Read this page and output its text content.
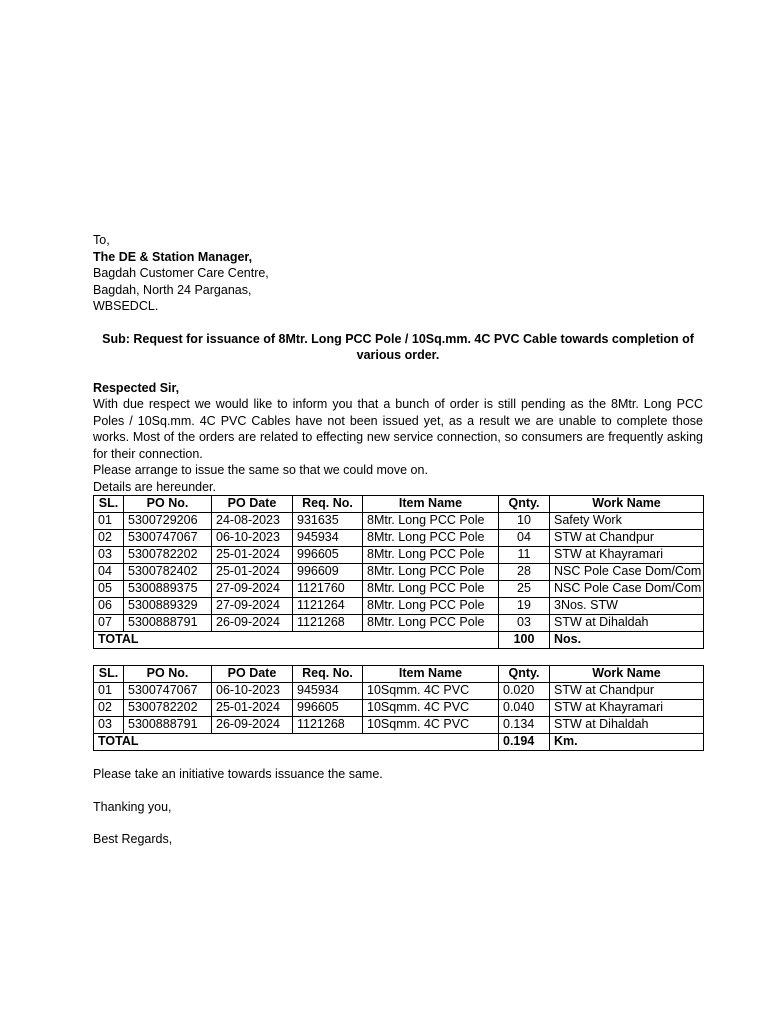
To,
The DE & Station Manager,
Bagdah Customer Care Centre,
Bagdah, North 24 Parganas,
WBSEDCL.
Sub: Request for issuance of 8Mtr. Long PCC Pole / 10Sq.mm. 4C PVC Cable towards completion of
various order.
Respected Sir,
With due respect we would like to inform you that a bunch of order is still pending as the 8Mtr. Long PCC Poles / 10Sq.mm. 4C PVC Cables have not been issued yet, as a result we are unable to complete those works. Most of the orders are related to effecting new service connection, so consumers are frequently asking for their connection.
Please arrange to issue the same so that we could move on.
Details are hereunder.
SL.	PO No.	PO Date	Req. No.	Item Name	Qnty.	Work Name
01	5300729206	24-08-2023	931635	8Mtr. Long PCC Pole	10	Safety Work
02	5300747067	06-10-2023	945934	8Mtr. Long PCC Pole	04	STW at Chandpur
03	5300782202	25-01-2024	996605	8Mtr. Long PCC Pole	11	STW at Khayramari
04	5300782402	25-01-2024	996609	8Mtr. Long PCC Pole	28	NSC Pole Case Dom/Com
05	5300889375	27-09-2024	1121760	8Mtr. Long PCC Pole	25	NSC Pole Case Dom/Com
06	5300889329	27-09-2024	1121264	8Mtr. Long PCC Pole	19	3Nos. STW
07	5300888791	26-09-2024	1121268	8Mtr. Long PCC Pole	03	STW at Dihaldah
TOTAL					100	Nos.
SL.	PO No.	PO Date	Req. No.	Item Name	Qnty.	Work Name
01	5300747067	06-10-2023	945934	10Sqmm. 4C PVC	0.020	STW at Chandpur
02	5300782202	25-01-2024	996605	10Sqmm. 4C PVC	0.040	STW at Khayramari
03	5300888791	26-09-2024	1121268	10Sqmm. 4C PVC	0.134	STW at Dihaldah
TOTAL					0.194	Km.
Please take an initiative towards issuance the same.
Thanking you,
Best Regards,
